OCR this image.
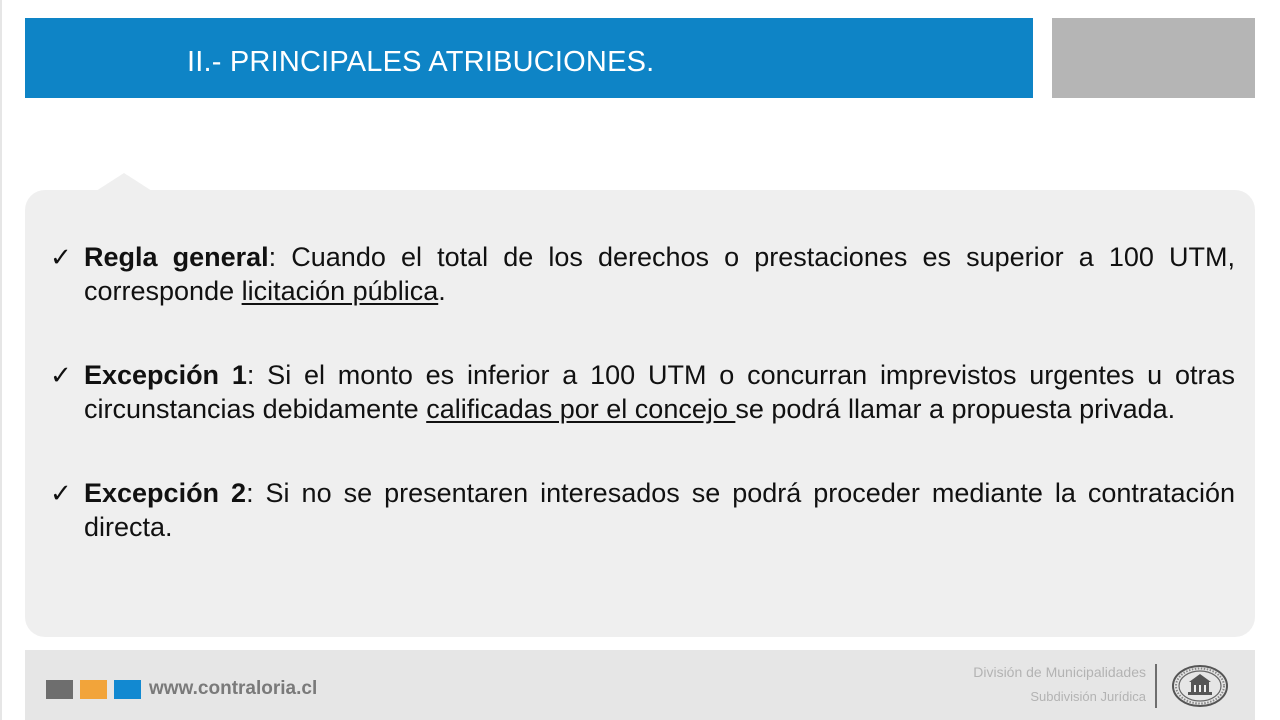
II.- PRINCIPALES ATRIBUCIONES.
✓ Regla general: Cuando el total de los derechos o prestaciones es superior a 100 UTM, corresponde licitación pública.
✓ Excepción 1: Si el monto es inferior a 100 UTM o concurran imprevistos urgentes u otras circunstancias debidamente calificadas por el concejo se podrá llamar a propuesta privada.
✓ Excepción 2: Si no se presentaren interesados se podrá proceder mediante la contratación directa.
www.contraloria.cl
División de Municipalidades
Subdivisión Jurídica
